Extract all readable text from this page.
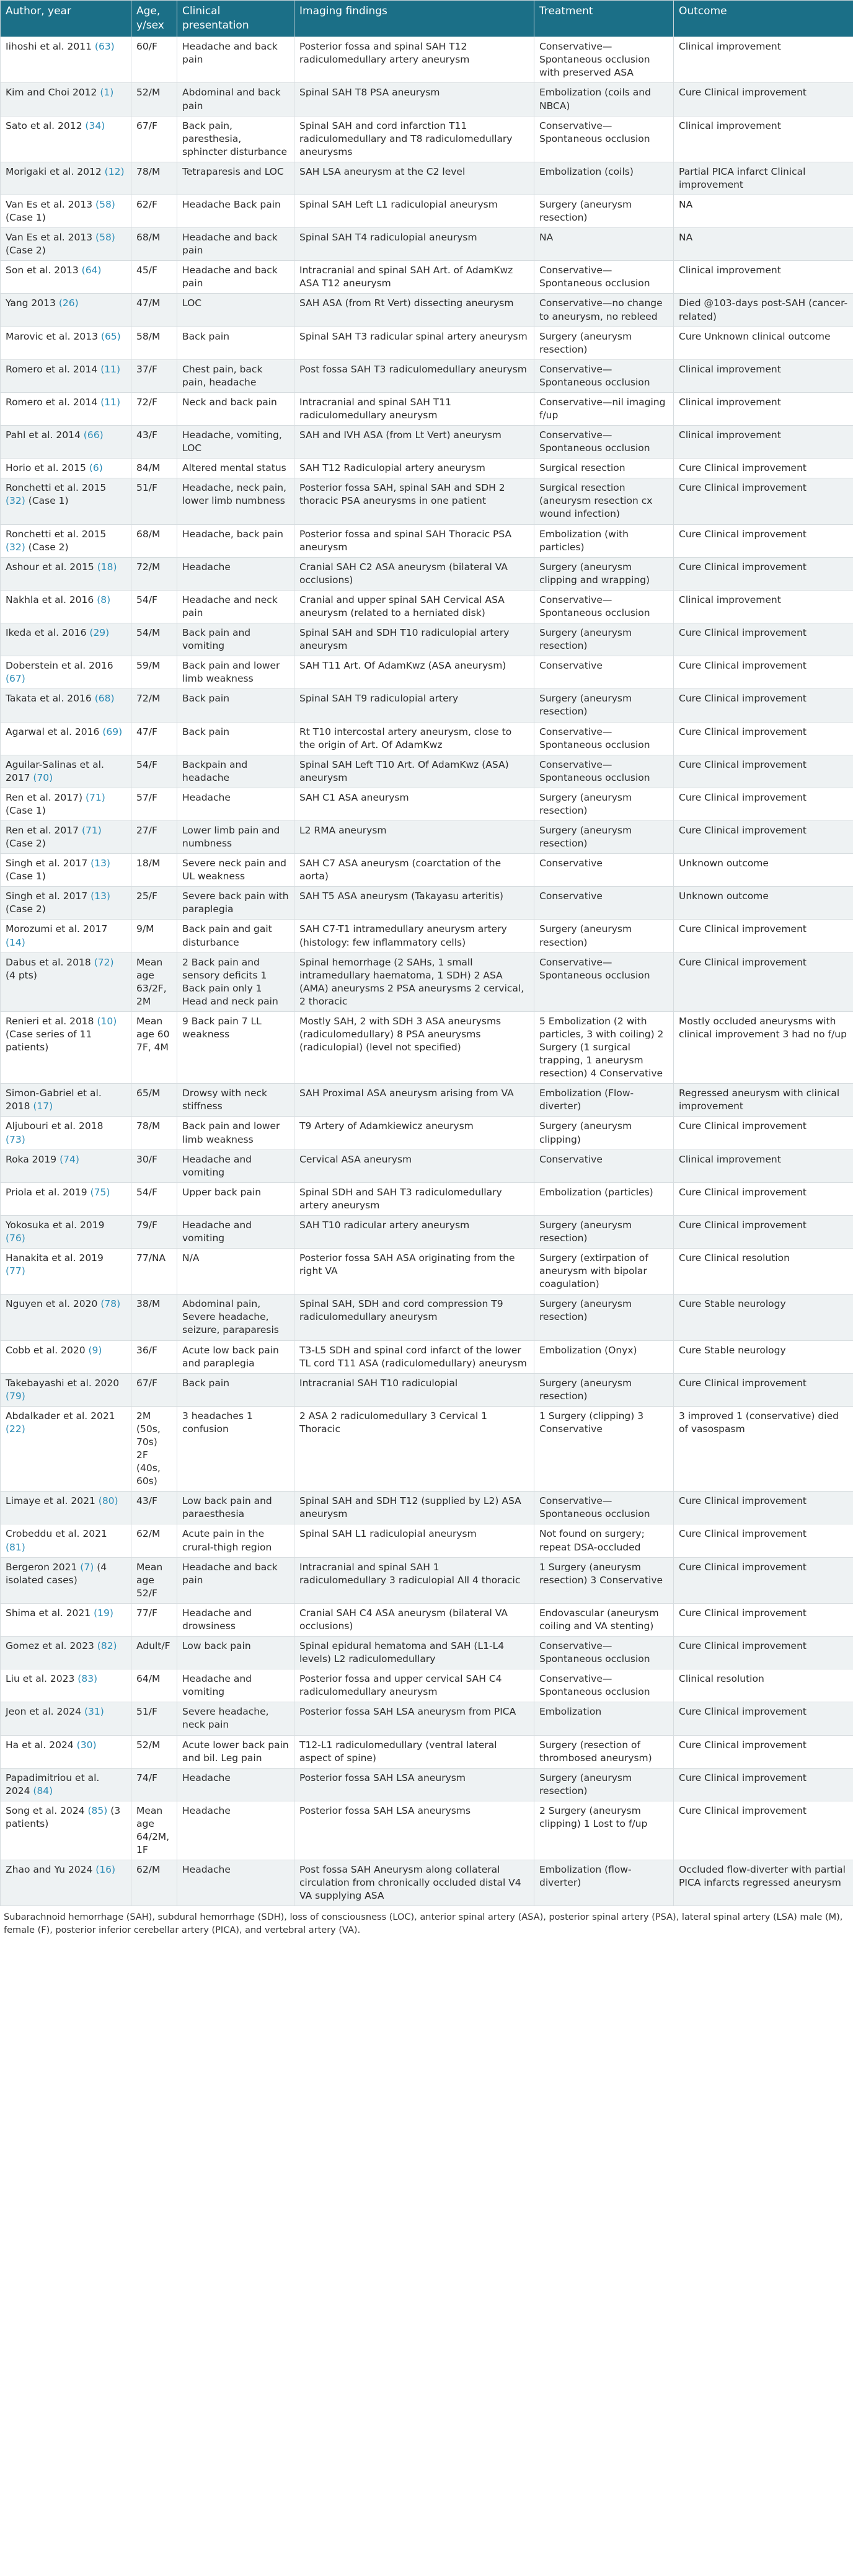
Author, year	Age, y/sex	Clinical presentation	Imaging findings	Treatment	Outcome
Iihoshi et al. 2011 (63)	60/F	Headache and back pain	Posterior fossa and spinal SAH T12 radiculomedullary artery aneurysm	Conservative—Spontaneous occlusion with preserved ASA	Clinical improvement
Kim and Choi 2012 (1)	52/M	Abdominal and back pain	Spinal SAH T8 PSA aneurysm	Embolization (coils and NBCA)	Cure Clinical improvement
Sato et al. 2012 (34)	67/F	Back pain, paresthesia, sphincter disturbance	Spinal SAH and cord infarction T11 radiculomedullary and T8 radiculomedullary aneurysms	Conservative—Spontaneous occlusion	Clinical improvement
Morigaki et al. 2012 (12)	78/M	Tetraparesis and LOC	SAH LSA aneurysm at the C2 level	Embolization (coils)	Partial PICA infarct Clinical improvement
Van Es et al. 2013 (58) (Case 1)	62/F	Headache Back pain	Spinal SAH Left L1 radiculopial aneurysm	Surgery (aneurysm resection)	NA
Van Es et al. 2013 (58) (Case 2)	68/M	Headache and back pain	Spinal SAH T4 radiculopial aneurysm	NA	NA
Son et al. 2013 (64)	45/F	Headache and back pain	Intracranial and spinal SAH Art. of AdamKwz ASA T12 aneurysm	Conservative—Spontaneous occlusion	Clinical improvement
Yang 2013 (26)	47/M	LOC	SAH ASA (from Rt Vert) dissecting aneurysm	Conservative—no change to aneurysm, no rebleed	Died @103-days post-SAH (cancer-related)
Marovic et al. 2013 (65)	58/M	Back pain	Spinal SAH T3 radicular spinal artery aneurysm	Surgery (aneurysm resection)	Cure Unknown clinical outcome
Romero et al. 2014 (11)	37/F	Chest pain, back pain, headache	Post fossa SAH T3 radiculomedullary aneurysm	Conservative—Spontaneous occlusion	Clinical improvement
Romero et al. 2014 (11)	72/F	Neck and back pain	Intracranial and spinal SAH T11 radiculomedullary aneurysm	Conservative—nil imaging f/up	Clinical improvement
Pahl et al. 2014 (66)	43/F	Headache, vomiting, LOC	SAH and IVH ASA (from Lt Vert) aneurysm	Conservative—Spontaneous occlusion	Clinical improvement
Horio et al. 2015 (6)	84/M	Altered mental status	SAH T12 Radiculopial artery aneurysm	Surgical resection	Cure Clinical improvement
Ronchetti et al. 2015 (32) (Case 1)	51/F	Headache, neck pain, lower limb numbness	Posterior fossa SAH, spinal SAH and SDH 2 thoracic PSA aneurysms in one patient	Surgical resection (aneurysm resection cx wound infection)	Cure Clinical improvement
Ronchetti et al. 2015 (32) (Case 2)	68/M	Headache, back pain	Posterior fossa and spinal SAH Thoracic PSA aneurysm	Embolization (with particles)	Cure Clinical improvement
Ashour et al. 2015 (18)	72/M	Headache	Cranial SAH C2 ASA aneurysm (bilateral VA occlusions)	Surgery (aneurysm clipping and wrapping)	Cure Clinical improvement
Nakhla et al. 2016 (8)	54/F	Headache and neck pain	Cranial and upper spinal SAH Cervical ASA aneurysm (related to a herniated disk)	Conservative—Spontaneous occlusion	Clinical improvement
Ikeda et al. 2016 (29)	54/M	Back pain and vomiting	Spinal SAH and SDH T10 radiculopial artery aneurysm	Surgery (aneurysm resection)	Cure Clinical improvement
Doberstein et al. 2016 (67)	59/M	Back pain and lower limb weakness	SAH T11 Art. Of AdamKwz (ASA aneurysm)	Conservative	Cure Clinical improvement
Takata et al. 2016 (68)	72/M	Back pain	Spinal SAH T9 radiculopial artery	Surgery (aneurysm resection)	Cure Clinical improvement
Agarwal et al. 2016 (69)	47/F	Back pain	Rt T10 intercostal artery aneurysm, close to the origin of Art. Of AdamKwz	Conservative—Spontaneous occlusion	Cure Clinical improvement
Aguilar-Salinas et al. 2017 (70)	54/F	Backpain and headache	Spinal SAH Left T10 Art. Of AdamKwz (ASA) aneurysm	Conservative—Spontaneous occlusion	Cure Clinical improvement
Ren et al. 2017) (71) (Case 1)	57/F	Headache	SAH C1 ASA aneurysm	Surgery (aneurysm resection)	Cure Clinical improvement
Ren et al. 2017 (71) (Case 2)	27/F	Lower limb pain and numbness	L2 RMA aneurysm	Surgery (aneurysm resection)	Cure Clinical improvement
Singh et al. 2017 (13) (Case 1)	18/M	Severe neck pain and UL weakness	SAH C7 ASA aneurysm (coarctation of the aorta)	Conservative	Unknown outcome
Singh et al. 2017 (13) (Case 2)	25/F	Severe back pain with paraplegia	SAH T5 ASA aneurysm (Takayasu arteritis)	Conservative	Unknown outcome
Morozumi et al. 2017 (14)	9/M	Back pain and gait disturbance	SAH C7-T1 intramedullary aneurysm artery (histology: few inflammatory cells)	Surgery (aneurysm resection)	Cure Clinical improvement
Dabus et al. 2018 (72) (4 pts)	Mean age 63/2F, 2M	2 Back pain and sensory deficits 1 Back pain only 1 Head and neck pain	Spinal hemorrhage (2 SAHs, 1 small intramedullary haematoma, 1 SDH) 2 ASA (AMA) aneurysms 2 PSA aneurysms 2 cervical, 2 thoracic	Conservative—Spontaneous occlusion	Cure Clinical improvement
Renieri et al. 2018 (10) (Case series of 11 patients)	Mean age 60 7F, 4M	9 Back pain 7 LL weakness	Mostly SAH, 2 with SDH 3 ASA aneurysms (radiculomedullary) 8 PSA aneurysms (radiculopial) (level not specified)	5 Embolization (2 with particles, 3 with coiling) 2 Surgery (1 surgical trapping, 1 aneurysm resection) 4 Conservative	Mostly occluded aneurysms with clinical improvement 3 had no f/up
Simon-Gabriel et al. 2018 (17)	65/M	Drowsy with neck stiffness	SAH Proximal ASA aneurysm arising from VA	Embolization (Flow-diverter)	Regressed aneurysm with clinical improvement
Aljubouri et al. 2018 (73)	78/M	Back pain and lower limb weakness	T9 Artery of Adamkiewicz aneurysm	Surgery (aneurysm clipping)	Cure Clinical improvement
Roka 2019 (74)	30/F	Headache and vomiting	Cervical ASA aneurysm	Conservative	Clinical improvement
Priola et al. 2019 (75)	54/F	Upper back pain	Spinal SDH and SAH T3 radiculomedullary artery aneurysm	Embolization (particles)	Cure Clinical improvement
Yokosuka et al. 2019 (76)	79/F	Headache and vomiting	SAH T10 radicular artery aneurysm	Surgery (aneurysm resection)	Cure Clinical improvement
Hanakita et al. 2019 (77)	77/NA	N/A	Posterior fossa SAH ASA originating from the right VA	Surgery (extirpation of aneurysm with bipolar coagulation)	Cure Clinical resolution
Nguyen et al. 2020 (78)	38/M	Abdominal pain, Severe headache, seizure, paraparesis	Spinal SAH, SDH and cord compression T9 radiculomedullary aneurysm	Surgery (aneurysm resection)	Cure Stable neurology
Cobb et al. 2020 (9)	36/F	Acute low back pain and paraplegia	T3-L5 SDH and spinal cord infarct of the lower TL cord T11 ASA (radiculomedullary) aneurysm	Embolization (Onyx)	Cure Stable neurology
Takebayashi et al. 2020 (79)	67/F	Back pain	Intracranial SAH T10 radiculopial	Surgery (aneurysm resection)	Cure Clinical improvement
Abdalkader et al. 2021 (22)	2M (50s, 70s) 2F (40s, 60s)	3 headaches 1 confusion	2 ASA 2 radiculomedullary 3 Cervical 1 Thoracic	1 Surgery (clipping) 3 Conservative	3 improved 1 (conservative) died of vasospasm
Limaye et al. 2021 (80)	43/F	Low back pain and paraesthesia	Spinal SAH and SDH T12 (supplied by L2) ASA aneurysm	Conservative—Spontaneous occlusion	Cure Clinical improvement
Crobeddu et al. 2021 (81)	62/M	Acute pain in the crural-thigh region	Spinal SAH L1 radiculopial aneurysm	Not found on surgery; repeat DSA-occluded	Cure Clinical improvement
Bergeron 2021 (7) (4 isolated cases)	Mean age 52/F	Headache and back pain	Intracranial and spinal SAH 1 radiculomedullary 3 radiculopial All 4 thoracic	1 Surgery (aneurysm resection) 3 Conservative	Cure Clinical improvement
Shima et al. 2021 (19)	77/F	Headache and drowsiness	Cranial SAH C4 ASA aneurysm (bilateral VA occlusions)	Endovascular (aneurysm coiling and VA stenting)	Cure Clinical improvement
Gomez et al. 2023 (82)	Adult/F	Low back pain	Spinal epidural hematoma and SAH (L1-L4 levels) L2 radiculomedullary	Conservative—Spontaneous occlusion	Cure Clinical improvement
Liu et al. 2023 (83)	64/M	Headache and vomiting	Posterior fossa and upper cervical SAH C4 radiculomedullary aneurysm	Conservative—Spontaneous occlusion	Clinical resolution
Jeon et al. 2024 (31)	51/F	Severe headache, neck pain	Posterior fossa SAH LSA aneurysm from PICA	Embolization	Cure Clinical improvement
Ha et al. 2024 (30)	52/M	Acute lower back pain and bil. Leg pain	T12-L1 radiculomedullary (ventral lateral aspect of spine)	Surgery (resection of thrombosed aneurysm)	Cure Clinical improvement
Papadimitriou et al. 2024 (84)	74/F	Headache	Posterior fossa SAH LSA aneurysm	Surgery (aneurysm resection)	Cure Clinical improvement
Song et al. 2024 (85) (3 patients)	Mean age 64/2M, 1F	Headache	Posterior fossa SAH LSA aneurysms	2 Surgery (aneurysm clipping) 1 Lost to f/up	Cure Clinical improvement
Zhao and Yu 2024 (16)	62/M	Headache	Post fossa SAH Aneurysm along collateral circulation from chronically occluded distal V4 VA supplying ASA	Embolization (flow-diverter)	Occluded flow-diverter with partial PICA infarcts regressed aneurysm

Subarachnoid hemorrhage (SAH), subdural hemorrhage (SDH), loss of consciousness (LOC), anterior spinal artery (ASA), posterior spinal artery (PSA), lateral spinal artery (LSA) male (M), female (F), posterior inferior cerebellar artery (PICA), and vertebral artery (VA).
